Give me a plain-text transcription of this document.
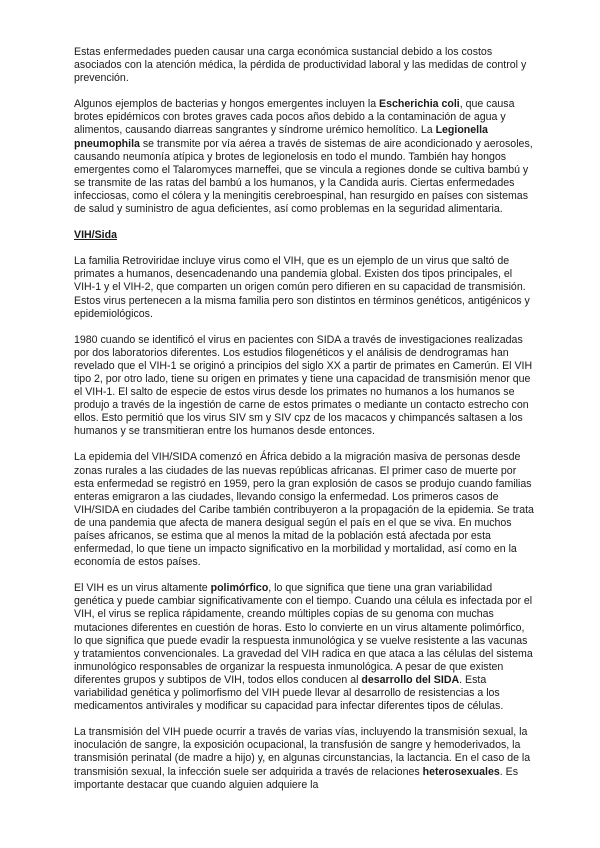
Estas enfermedades pueden causar una carga económica sustancial debido a los costos asociados con la atención médica, la pérdida de productividad laboral y las medidas de control y prevención.

Algunos ejemplos de bacterias y hongos emergentes incluyen la Escherichia coli, que causa brotes epidémicos con brotes graves cada pocos años debido a la contaminación de agua y alimentos, causando diarreas sangrantes y síndrome urémico hemolítico. La Legionella pneumophila se transmite por vía aérea a través de sistemas de aire acondicionado y aerosoles, causando neumonía atípica y brotes de legionelosis en todo el mundo. También hay hongos emergentes como el Talaromyces marneffei, que se vincula a regiones donde se cultiva bambú y se transmite de las ratas del bambú a los humanos, y la Candida auris. Ciertas enfermedades infecciosas, como el cólera y la meningitis cerebroespinal, han resurgido en países con sistemas de salud y suministro de agua deficientes, así como problemas en la seguridad alimentaria.

VIH/Sida

La familia Retroviridae incluye virus como el VIH, que es un ejemplo de un virus que saltó de primates a humanos, desencadenando una pandemia global. Existen dos tipos principales, el VIH-1 y el VIH-2, que comparten un origen común pero difieren en su capacidad de transmisión. Estos virus pertenecen a la misma familia pero son distintos en términos genéticos, antigénicos y epidemiológicos.

1980 cuando se identificó el virus en pacientes con SIDA a través de investigaciones realizadas por dos laboratorios diferentes. Los estudios filogenéticos y el análisis de dendrogramas han revelado que el VIH-1 se originó a principios del siglo XX a partir de primates en Camerún. El VIH tipo 2, por otro lado, tiene su origen en primates y tiene una capacidad de transmisión menor que el VIH-1. El salto de especie de estos virus desde los primates no humanos a los humanos se produjo a través de la ingestión de carne de estos primates o mediante un contacto estrecho con ellos. Esto permitió que los virus SIV sm y SIV cpz de los macacos y chimpancés saltasen a los humanos y se transmitieran entre los humanos desde entonces.

La epidemia del VIH/SIDA comenzó en África debido a la migración masiva de personas desde zonas rurales a las ciudades de las nuevas repúblicas africanas. El primer caso de muerte por esta enfermedad se registró en 1959, pero la gran explosión de casos se produjo cuando familias enteras emigraron a las ciudades, llevando consigo la enfermedad. Los primeros casos de VIH/SIDA en ciudades del Caribe también contribuyeron a la propagación de la epidemia. Se trata de una pandemia que afecta de manera desigual según el país en el que se viva. En muchos países africanos, se estima que al menos la mitad de la población está afectada por esta enfermedad, lo que tiene un impacto significativo en la morbilidad y mortalidad, así como en la economía de estos países.

El VIH es un virus altamente polimórfico, lo que significa que tiene una gran variabilidad genética y puede cambiar significativamente con el tiempo. Cuando una célula es infectada por el VIH, el virus se replica rápidamente, creando múltiples copias de su genoma con muchas mutaciones diferentes en cuestión de horas. Esto lo convierte en un virus altamente polimórfico, lo que significa que puede evadir la respuesta inmunológica y se vuelve resistente a las vacunas y tratamientos convencionales. La gravedad del VIH radica en que ataca a las células del sistema inmunológico responsables de organizar la respuesta inmunológica. A pesar de que existen diferentes grupos y subtipos de VIH, todos ellos conducen al desarrollo del SIDA. Esta variabilidad genética y polimorfismo del VIH puede llevar al desarrollo de resistencias a los medicamentos antivirales y modificar su capacidad para infectar diferentes tipos de células.

La transmisión del VIH puede ocurrir a través de varias vías, incluyendo la transmisión sexual, la inoculación de sangre, la exposición ocupacional, la transfusión de sangre y hemoderivados, la transmisión perinatal (de madre a hijo) y, en algunas circunstancias, la lactancia. En el caso de la transmisión sexual, la infección suele ser adquirida a través de relaciones heterosexuales. Es importante destacar que cuando alguien adquiere la
